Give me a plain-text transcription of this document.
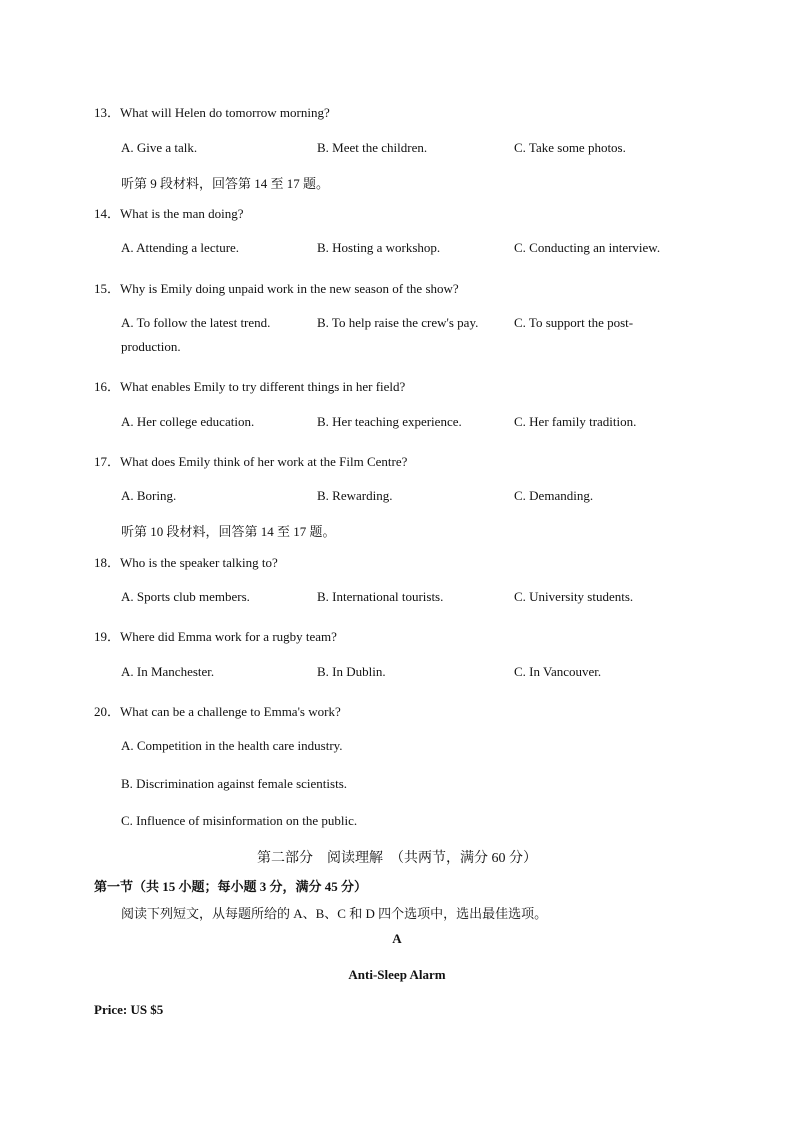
13．What will Helen do tomorrow morning?
A. Give a talk.	B. Meet the children.	C. Take some photos.
听第 9 段材料，回答第 14 至 17 题。
14．What is the man doing?
A. Attending a lecture.	B. Hosting a workshop.	C. Conducting an interview.
15．Why is Emily doing unpaid work in the new season of the show?
A. To follow the latest trend.	B. To help raise the crew's pay.	C. To support the post-
production.
16．What enables Emily to try different things in her field?
A. Her college education.	B. Her teaching experience.	C. Her family tradition.
17．What does Emily think of her work at the Film Centre?
A. Boring.	B. Rewarding.	C. Demanding.
听第 10 段材料，回答第 14 至 17 题。
18．Who is the speaker talking to?
A. Sports club members.	B. International tourists.	C. University students.
19．Where did Emma work for a rugby team?
A. In Manchester.	B. In Dublin.	C. In Vancouver.
20．What can be a challenge to Emma's work?
A. Competition in the health care industry.
B. Discrimination against female scientists.
C. Influence of misinformation on the public.
第二部分　阅读理解　（共两节，满分 60 分）
第一节（共 15 小题；每小题 3 分，满分 45 分）
阅读下列短文，从每题所给的 A、B、C 和 D 四个选项中，选出最佳选项。
A
Anti-Sleep Alarm
Price: US $5
